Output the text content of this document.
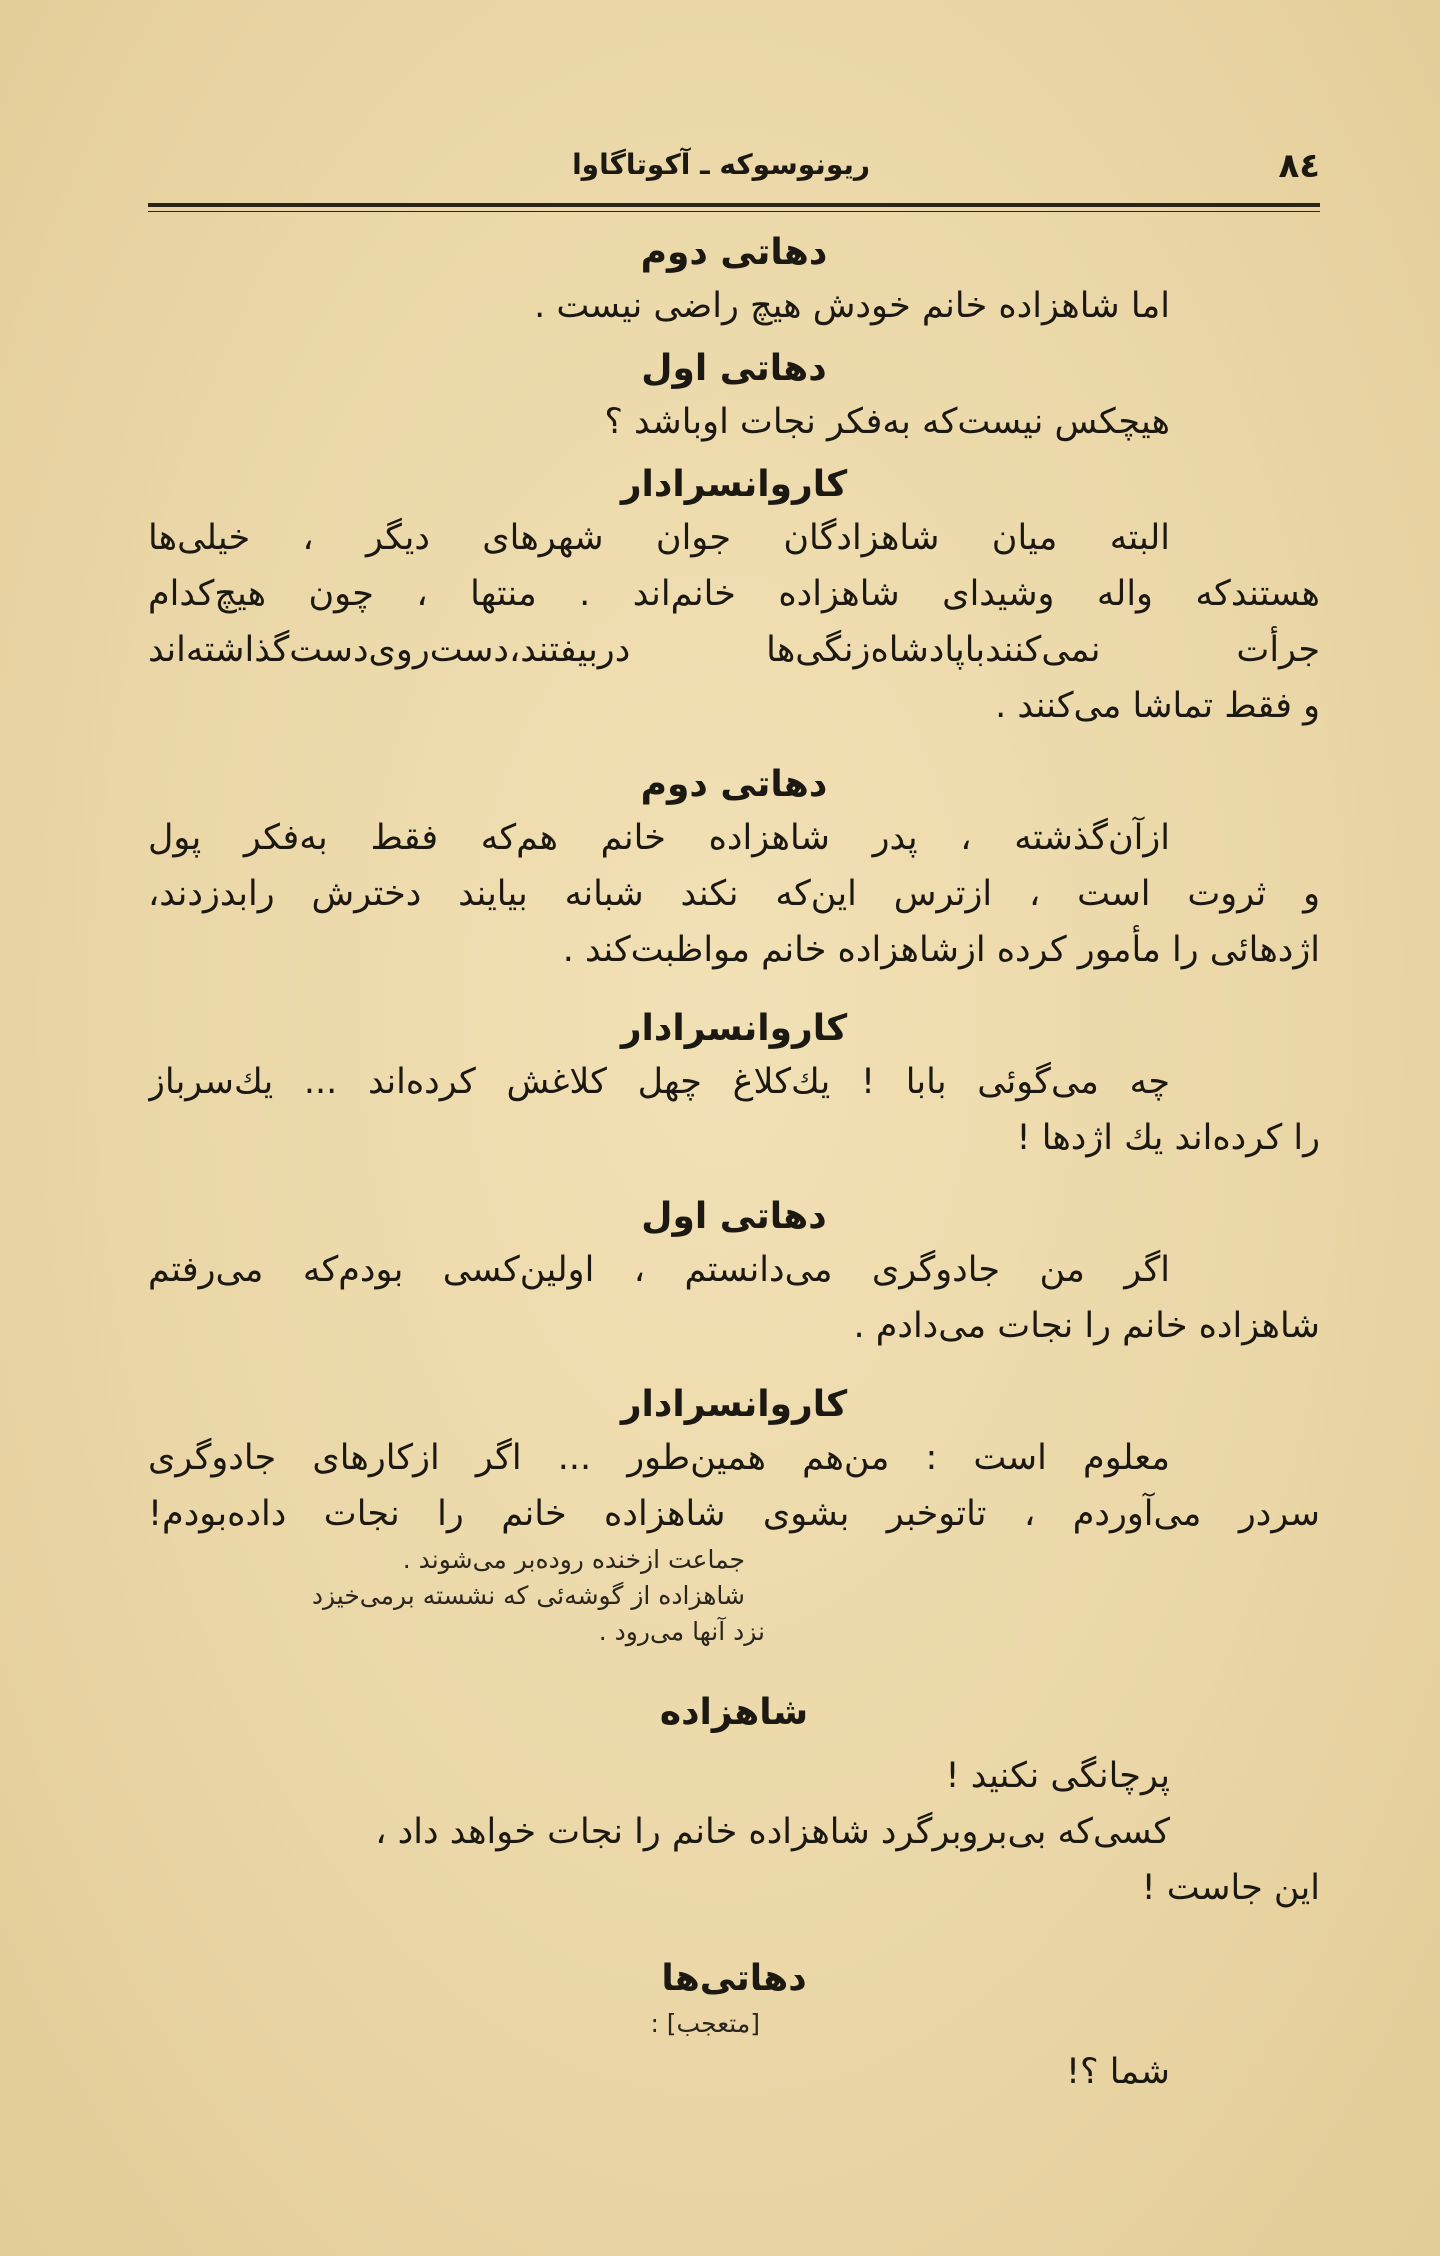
۸٤
ریونوسوکه ـ آکوتاگاوا
دهاتی دوم
اما شاهزاده خانم خودش هیچ راضی نیست .
دهاتی اول
هیچکس نیست‌که به‌فکر نجات اوباشد ؟
کاروانسرادار
البته میان شاهزادگان جوان شهرهای دیگر ، خیلی‌ها
هستندکه واله وشیدای شاهزاده خانم‌اند . منتها ، چون هیچ‌کدام
جرأت نمی‌کنندباپادشاه‌زنگی‌ها دربیفتند،دست‌روی‌دست‌گذاشته‌اند
و فقط تماشا می‌کنند .
دهاتی دوم
ازآن‌گذشته ، پدر شاهزاده خانم هم‌که فقط به‌فکر پول
و ثروت است ، ازترس این‌که نکند شبانه بیایند دخترش رابدزدند،
اژدهائی را مأمور کرده ازشاهزاده خانم مواظبت‌کند .
کاروانسرادار
چه می‌گوئی بابا ! یك‌کلاغ چهل کلاغش کرده‌اند ... یك‌سرباز
را کرده‌اند یك اژدها !
دهاتی اول
اگر من جادوگری می‌دانستم ، اولین‌کسی بودم‌که می‌رفتم
شاهزاده خانم را نجات می‌دادم .
کاروانسرادار
معلوم است : من‌هم همین‌طور ... اگر ازکارهای جادوگری
سردر می‌آوردم ، تاتوخبر بشوی شاهزاده خانم را نجات داده‌بودم!
جماعت ازخنده روده‌بر می‌شوند .
شاهزاده از گوشه‌ئی که نشسته برمی‌خیزد
نزد آنها می‌رود .
شاهزاده
پرچانگی نکنید !
کسی‌که بی‌بروبرگرد شاهزاده خانم را نجات خواهد داد ،
این جاست !
دهاتی‌ها
[متعجب] :
شما ؟!
